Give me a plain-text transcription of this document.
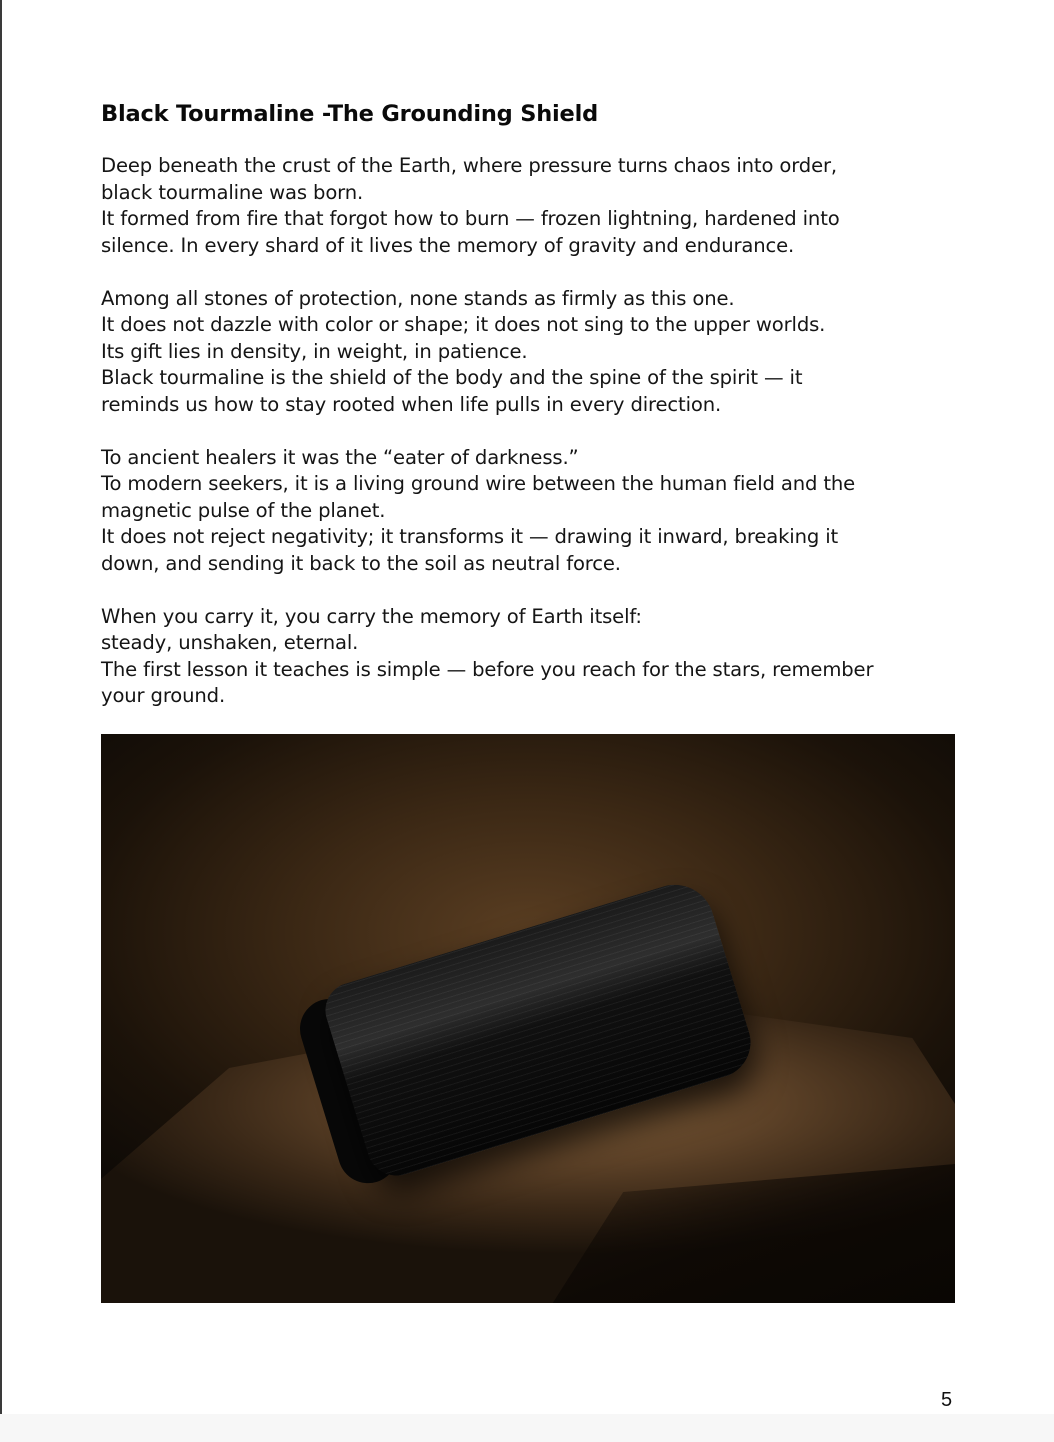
Black Tourmaline -The Grounding Shield

Deep beneath the crust of the Earth, where pressure turns chaos into order,
black tourmaline was born.
It formed from fire that forgot how to burn — frozen lightning, hardened into
silence. In every shard of it lives the memory of gravity and endurance.

Among all stones of protection, none stands as firmly as this one.
It does not dazzle with color or shape; it does not sing to the upper worlds.
Its gift lies in density, in weight, in patience.
Black tourmaline is the shield of the body and the spine of the spirit — it
reminds us how to stay rooted when life pulls in every direction.

To ancient healers it was the “eater of darkness.”
To modern seekers, it is a living ground wire between the human field and the
magnetic pulse of the planet.
It does not reject negativity; it transforms it — drawing it inward, breaking it
down, and sending it back to the soil as neutral force.

When you carry it, you carry the memory of Earth itself:
steady, unshaken, eternal.
The first lesson it teaches is simple — before you reach for the stars, remember
your ground.

5
